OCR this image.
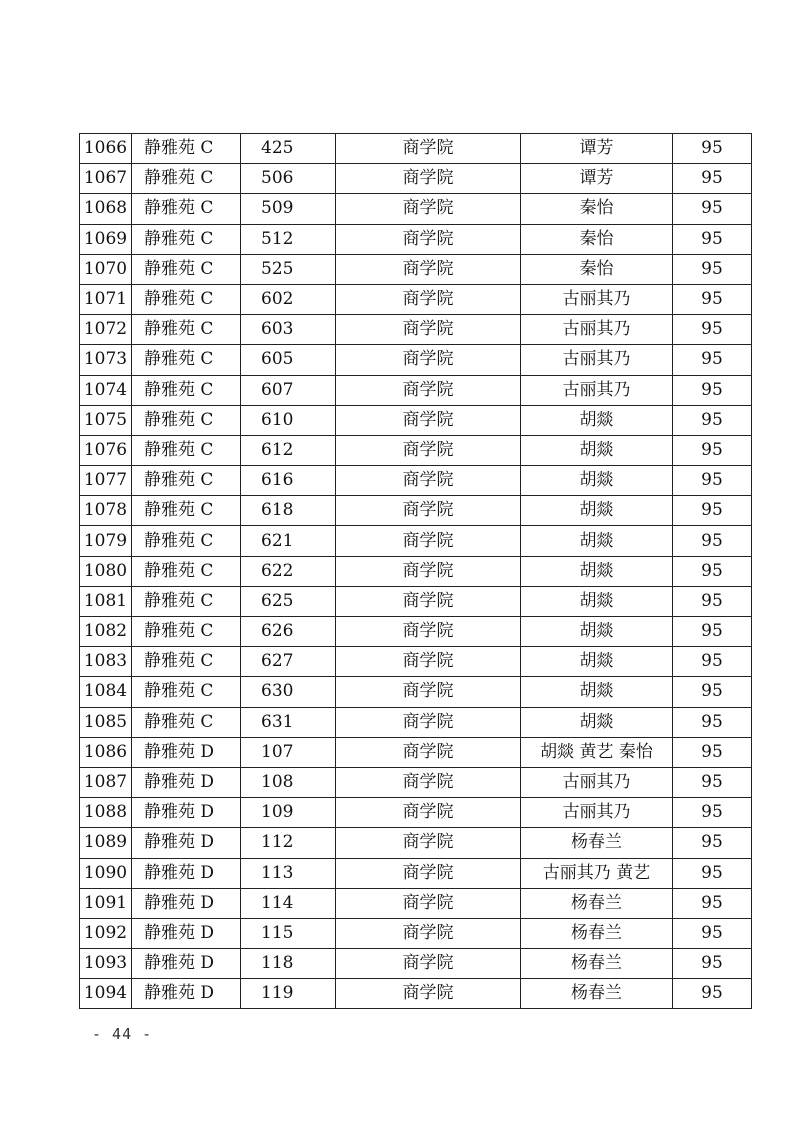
1066	静雅苑 C	425	商学院	谭芳	95
1067	静雅苑 C	506	商学院	谭芳	95
1068	静雅苑 C	509	商学院	秦怡	95
1069	静雅苑 C	512	商学院	秦怡	95
1070	静雅苑 C	525	商学院	秦怡	95
1071	静雅苑 C	602	商学院	古丽其乃	95
1072	静雅苑 C	603	商学院	古丽其乃	95
1073	静雅苑 C	605	商学院	古丽其乃	95
1074	静雅苑 C	607	商学院	古丽其乃	95
1075	静雅苑 C	610	商学院	胡燚	95
1076	静雅苑 C	612	商学院	胡燚	95
1077	静雅苑 C	616	商学院	胡燚	95
1078	静雅苑 C	618	商学院	胡燚	95
1079	静雅苑 C	621	商学院	胡燚	95
1080	静雅苑 C	622	商学院	胡燚	95
1081	静雅苑 C	625	商学院	胡燚	95
1082	静雅苑 C	626	商学院	胡燚	95
1083	静雅苑 C	627	商学院	胡燚	95
1084	静雅苑 C	630	商学院	胡燚	95
1085	静雅苑 C	631	商学院	胡燚	95
1086	静雅苑 D	107	商学院	胡燚 黄艺 秦怡	95
1087	静雅苑 D	108	商学院	古丽其乃	95
1088	静雅苑 D	109	商学院	古丽其乃	95
1089	静雅苑 D	112	商学院	杨春兰	95
1090	静雅苑 D	113	商学院	古丽其乃 黄艺	95
1091	静雅苑 D	114	商学院	杨春兰	95
1092	静雅苑 D	115	商学院	杨春兰	95
1093	静雅苑 D	118	商学院	杨春兰	95
1094	静雅苑 D	119	商学院	杨春兰	95
- 44 -
